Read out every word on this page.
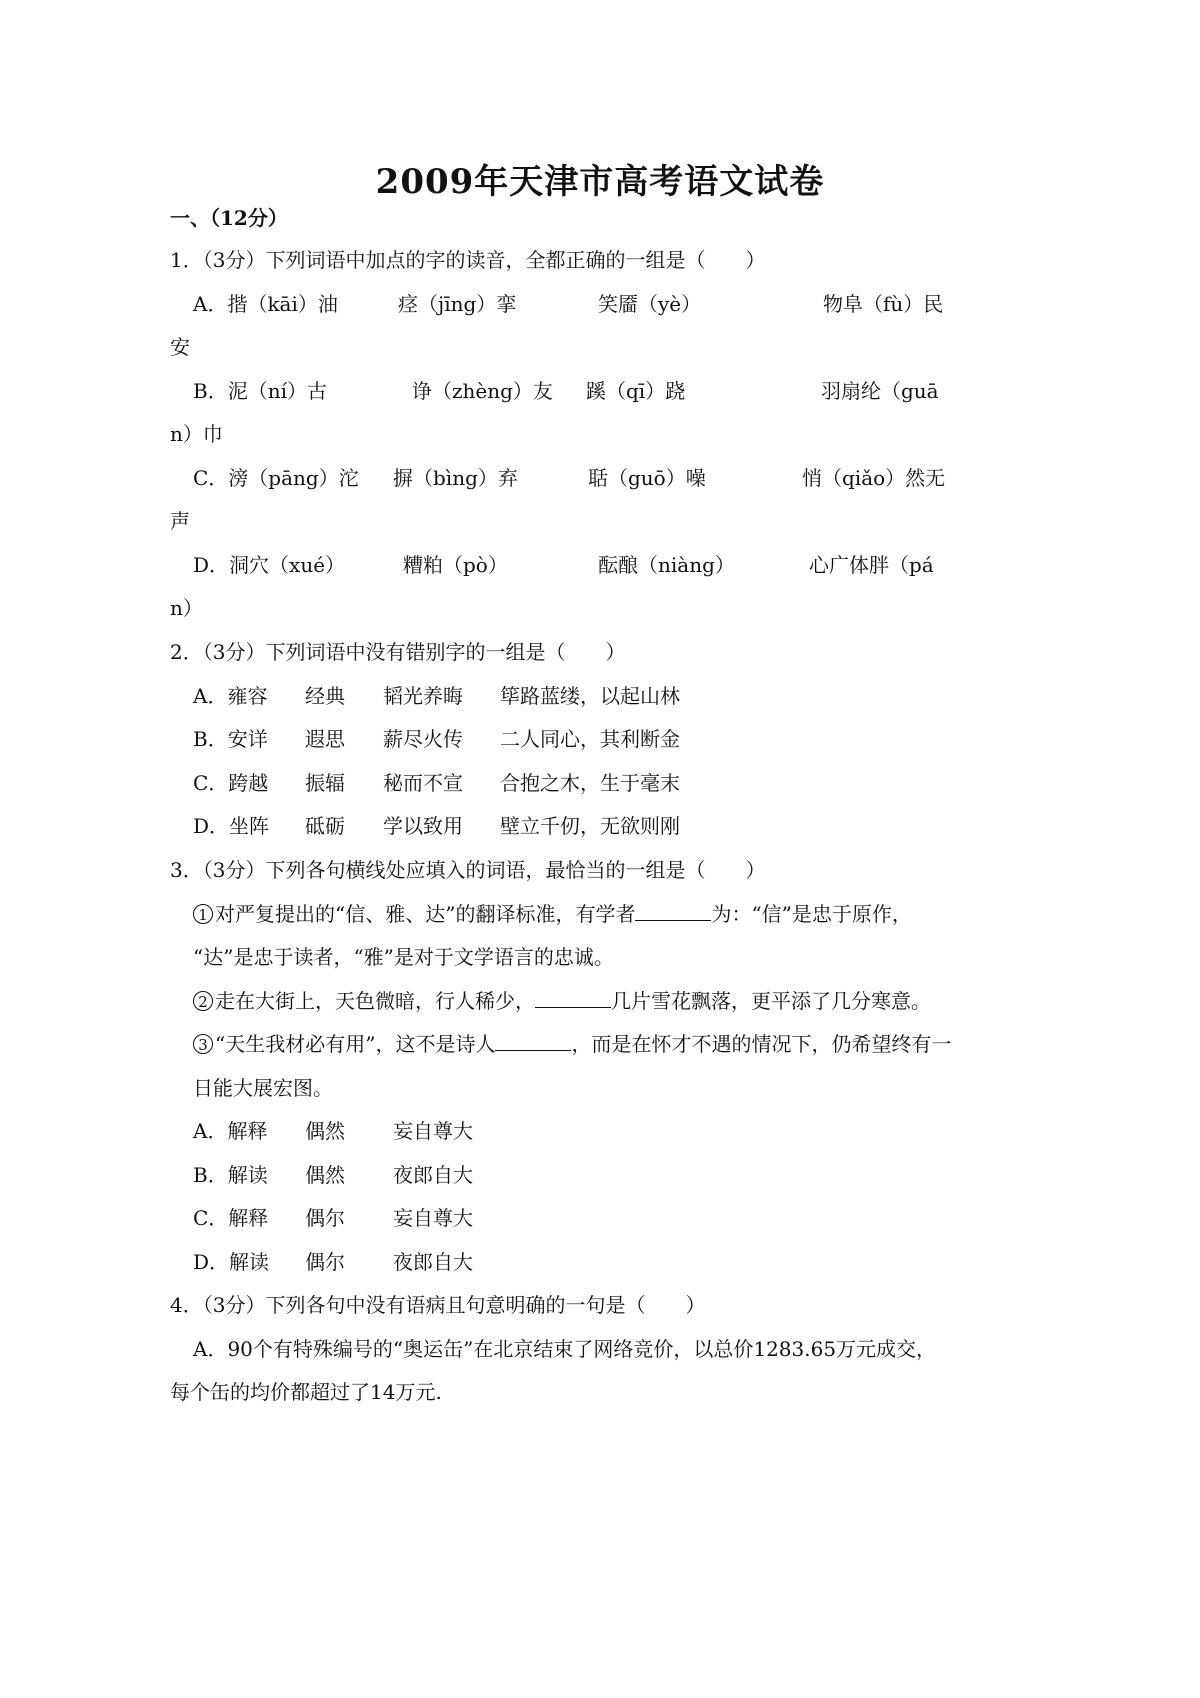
2009年天津市高考语文试卷
一、（12分）
1．（3分）下列词语中加点的字的读音，全都正确的一组是（　　）
A．揩（kāi）油	痉（jīng）挛	笑靥（yè）	物阜（fù）民
安
B．泥（ní）古	诤（zhèng）友 蹊（qī）跷	羽扇纶（guā
n）巾
C．滂（pāng）沱 摒（bìng）弃	聒（guō）噪	悄（qiǎo）然无
声
D．洞穴（xué）	糟粕（pò）	酝酿（niàng）	心广体胖（pá
n）
2．（3分）下列词语中没有错别字的一组是（　　）
A．雍容 经典 韬光养晦 筚路蓝缕，以起山林
B．安详 遐思 薪尽火传 二人同心，其利断金
C．跨越 振辐 秘而不宣 合抱之木，生于毫末
D．坐阵 砥砺 学以致用 壁立千仞，无欲则刚
3．（3分）下列各句横线处应填入的词语，最恰当的一组是（　　）
1 对严复提出的“信、雅、达”的翻译标准，有学者	为：“信”是忠于原作，
“达”是忠于读者，“雅”是对于文学语言的忠诚。
2 走在大街上，天色微暗，行人稀少，	几片雪花飘落，更平添了几分寒意。
3 “天生我材必有用”，这不是诗人	，而是在怀才不遇的情况下，仍希望终有一
日能大展宏图。
A．解释 偶然 妄自尊大
B．解读 偶然 夜郎自大
C．解释 偶尔 妄自尊大
D．解读 偶尔 夜郎自大
4．（3分）下列各句中没有语病且句意明确的一句是（　　）
A．90个有特殊编号的“奥运缶”在北京结束了网络竞价，以总价1283.65万元成交，
每个缶的均价都超过了14万元.
